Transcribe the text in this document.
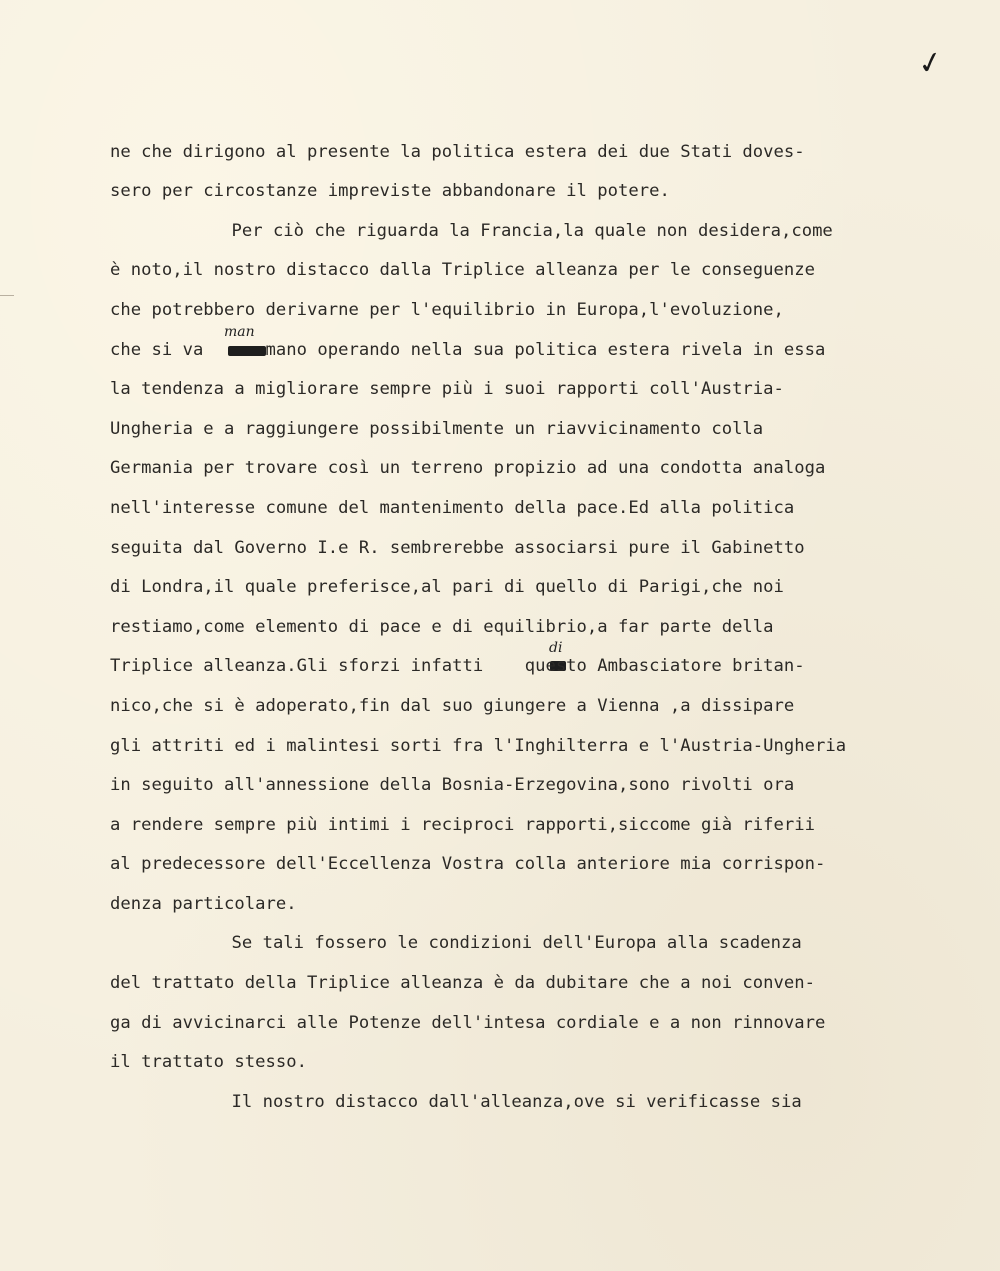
✓
ne che dirigono al presente la politica estera dei due Stati doves-
sero per circostanze impreviste abbandonare il potere.
Per ciò che riguarda la Francia,la quale non desidera,come
è noto,il nostro distacco dalla Triplice alleanza per le conseguenze
che potrebbero derivarne per l'equilibrio in Europa,l'evoluzione,
man
che si va      mano operando nella sua politica estera rivela in essa
la tendenza a migliorare sempre più i suoi rapporti coll'Austria-
Ungheria e a raggiungere possibilmente un riavvicinamento colla
Germania per trovare così un terreno propizio ad una condotta analoga
nell'interesse comune del mantenimento della pace.Ed alla politica
seguita dal Governo I.e R. sembrerebbe associarsi pure il Gabinetto
di Londra,il quale preferisce,al pari di quello di Parigi,che noi
restiamo,come elemento di pace e di equilibrio,a far parte della
di
Triplice alleanza.Gli sforzi infatti    questo Ambasciatore britan-
nico,che si è adoperato,fin dal suo giungere a Vienna ,a dissipare
gli attriti ed i malintesi sorti fra l'Inghilterra e l'Austria-Ungheria
in seguito all'annessione della Bosnia-Erzegovina,sono rivolti ora
a rendere sempre più intimi i reciproci rapporti,siccome già riferii
al predecessore dell'Eccellenza Vostra colla anteriore mia corrispon-
denza particolare.
Se tali fossero le condizioni dell'Europa alla scadenza
del trattato della Triplice alleanza è da dubitare che a noi conven-
ga di avvicinarci alle Potenze dell'intesa cordiale e a non rinnovare
il trattato stesso.
Il nostro distacco dall'alleanza,ove si verificasse sia
